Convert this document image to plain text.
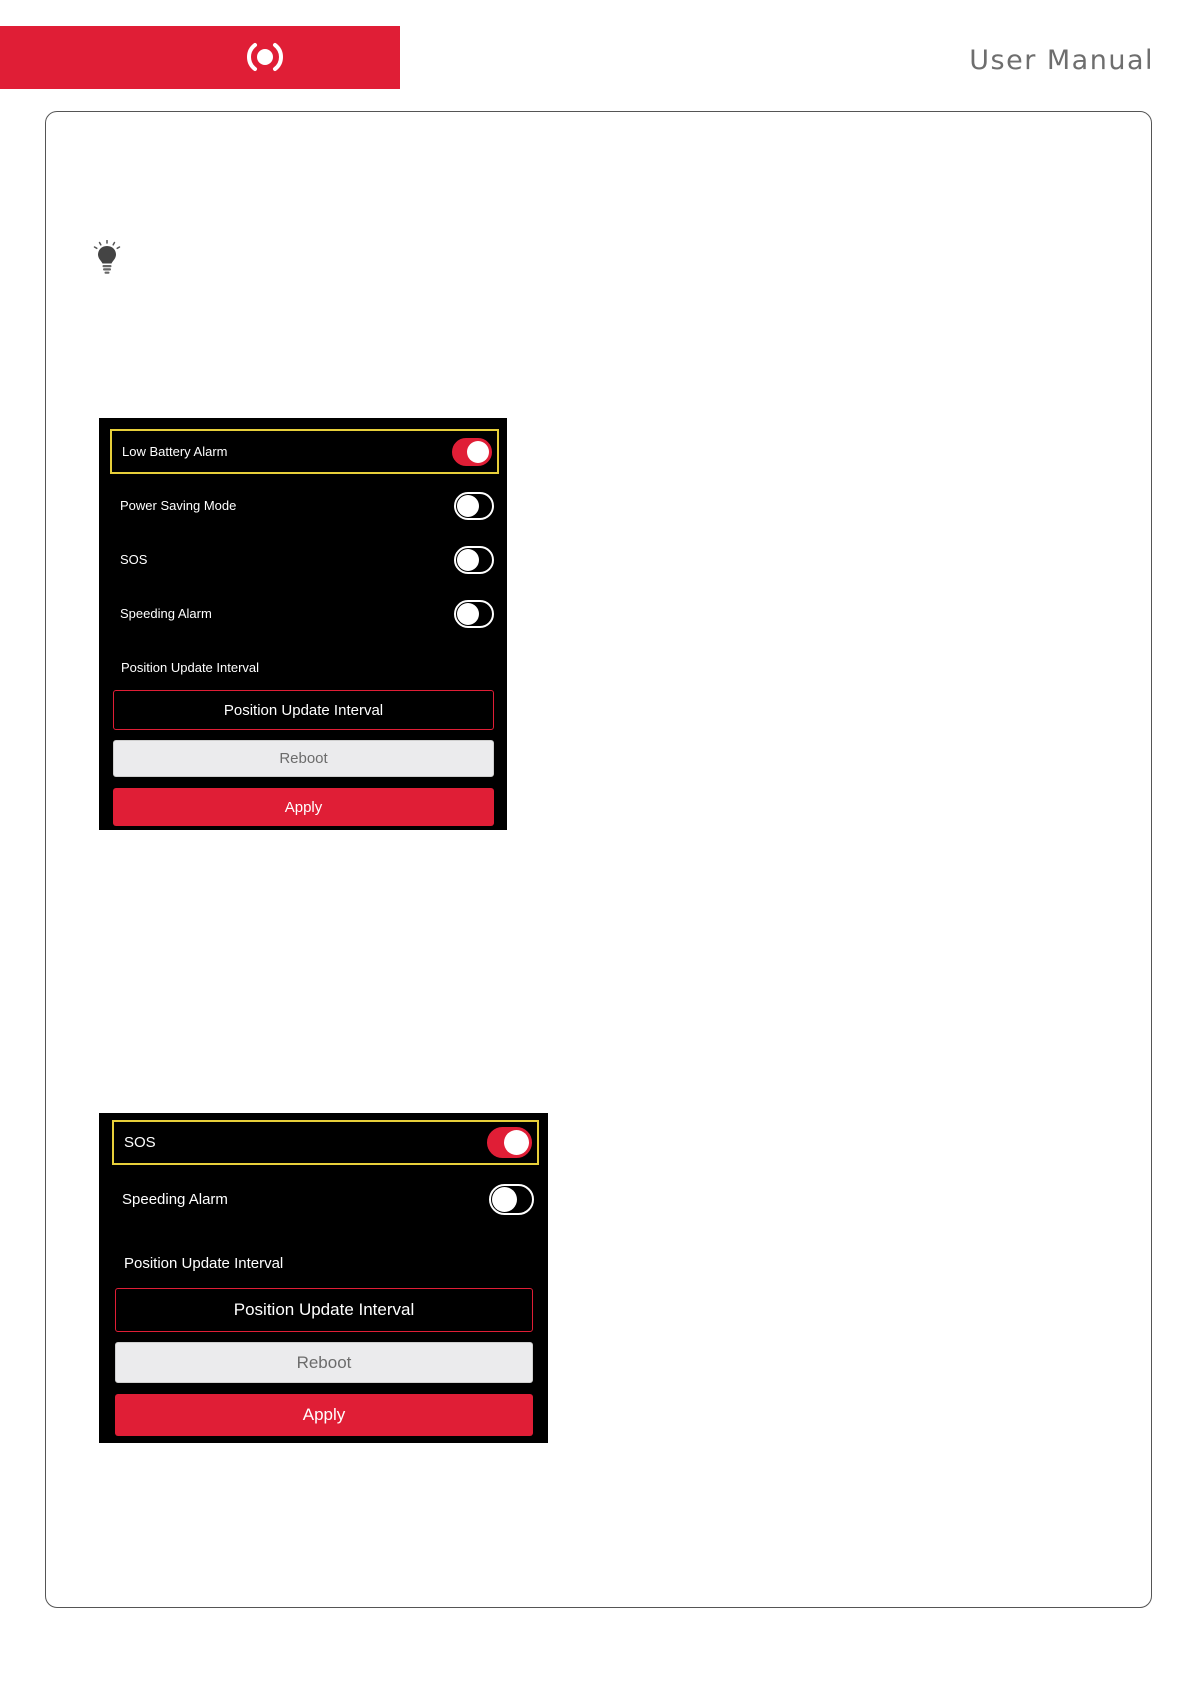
User Manual
Low Battery Alarm
Power Saving Mode
SOS
Speeding Alarm
Position Update Interval
Position Update Interval
Reboot
Apply
SOS
Speeding Alarm
Position Update Interval
Position Update Interval
Reboot
Apply
